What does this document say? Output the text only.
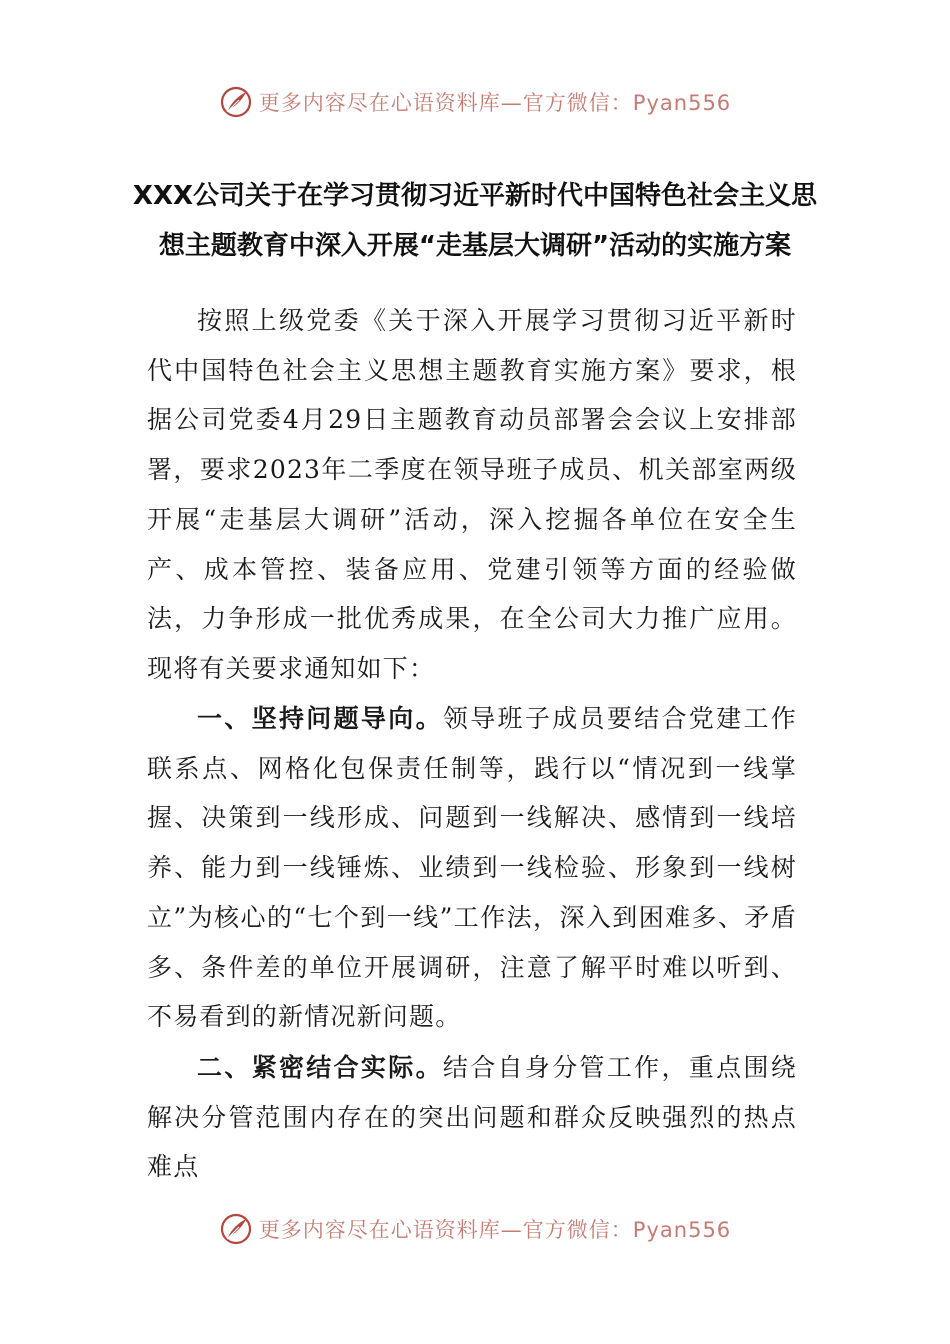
更多内容尽在心语资料库—官方微信：Pyan556
XXX公司关于在学习贯彻习近平新时代中国特色社会主义思
想主题教育中深入开展“走基层大调研”活动的实施方案
按照上级党委《关于深入开展学习贯彻习近平新时代中国特色社会主义思想主题教育实施方案》要求，根据公司党委4月29日主题教育动员部署会会议上安排部署，要求2023年二季度在领导班子成员、机关部室两级开展“走基层大调研”活动，深入挖掘各单位在安全生产、成本管控、装备应用、党建引领等方面的经验做法，力争形成一批优秀成果，在全公司大力推广应用。现将有关要求通知如下：
一、坚持问题导向。领导班子成员要结合党建工作联系点、网格化包保责任制等，践行以“情况到一线掌握、决策到一线形成、问题到一线解决、感情到一线培养、能力到一线锤炼、业绩到一线检验、形象到一线树立”为核心的“七个到一线”工作法，深入到困难多、矛盾多、条件差的单位开展调研，注意了解平时难以听到、不易看到的新情况新问题。
二、紧密结合实际。结合自身分管工作，重点围绕解决分管范围内存在的突出问题和群众反映强烈的热点难点
更多内容尽在心语资料库—官方微信：Pyan556
